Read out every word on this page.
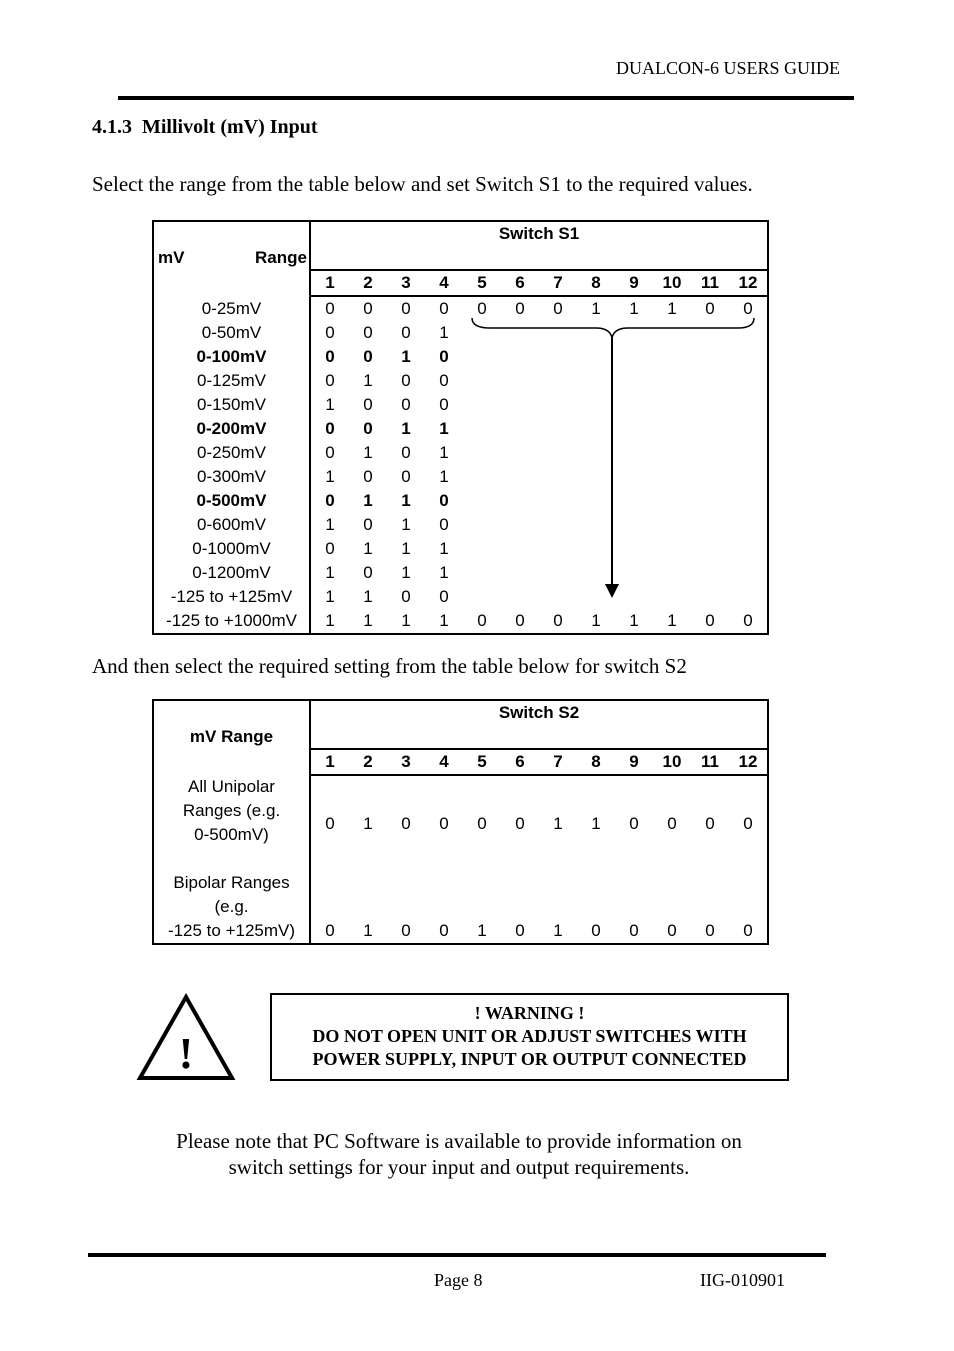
DUALCON-6 USERS GUIDE
4.1.3 Millivolt (mV) Input
Select the range from the table below and set Switch S1 to the required values.
mV Range	Switch S1											
	1	2	3	4	5	6	7	8	9	10	11	12
0-25mV	0	0	0	0	0	0	0	1	1	1	0	0
0-50mV	0	0	0	1								
0-100mV	0	0	1	0								
0-125mV	0	1	0	0								
0-150mV	1	0	0	0								
0-200mV	0	0	1	1								
0-250mV	0	1	0	1								
0-300mV	1	0	0	1								
0-500mV	0	1	1	0								
0-600mV	1	0	1	0								
0-1000mV	0	1	1	1								
0-1200mV	1	0	1	1								
-125 to +125mV	1	1	0	0								
-125 to +1000mV	1	1	1	1	0	0	0	1	1	1	0	0
And then select the required setting from the table below for switch S2
mV Range	Switch S2											
	1	2	3	4	5	6	7	8	9	10	11	12

All Unipolar
Ranges (e.g.
0-500mV)	0	1	0	0	0	0	1	1	0	0	0	0

Bipolar Ranges
(e.g.
-125 to +125mV)	0	1	0	0	1	0	1	0	0	0	0	0
!
! WARNING !
DO NOT OPEN UNIT OR ADJUST SWITCHES WITH
POWER SUPPLY, INPUT OR OUTPUT CONNECTED
Please note that PC Software is available to provide information on
switch settings for your input and output requirements.
Page 8	IIG-010901
